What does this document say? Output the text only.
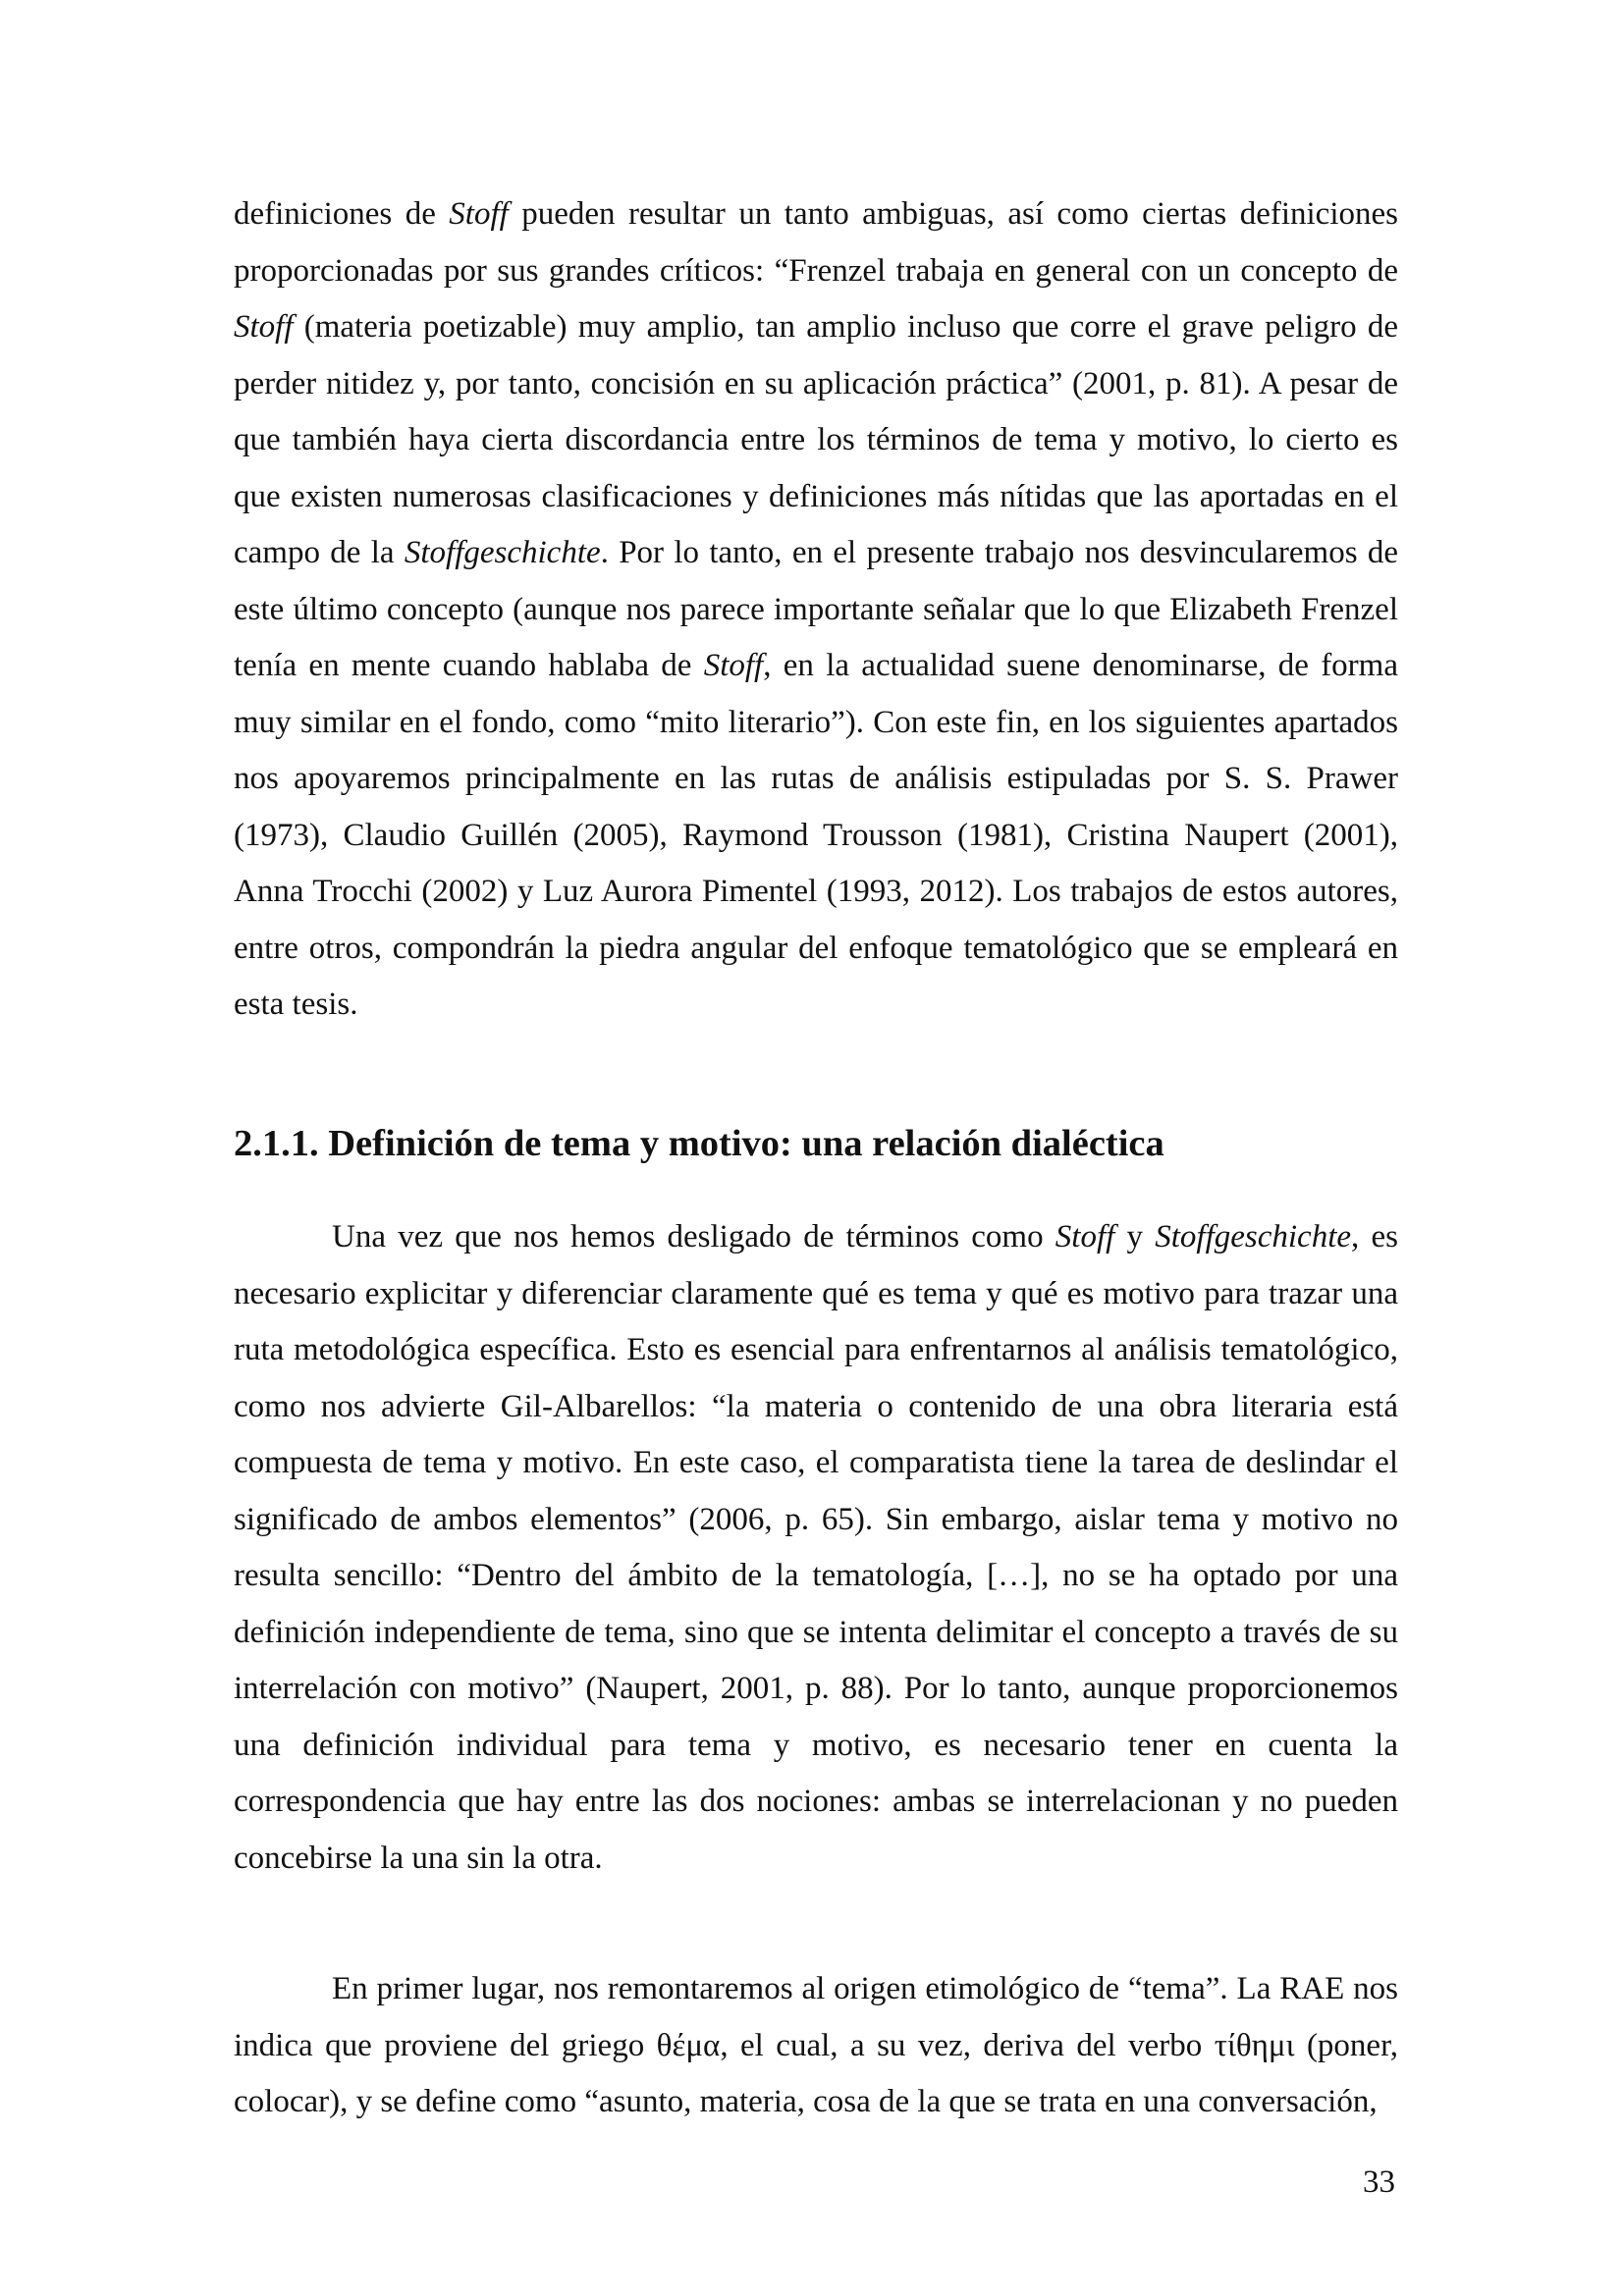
definiciones de Stoff pueden resultar un tanto ambiguas, así como ciertas definiciones proporcionadas por sus grandes críticos: “Frenzel trabaja en general con un concepto de Stoff (materia poetizable) muy amplio, tan amplio incluso que corre el grave peligro de perder nitidez y, por tanto, concisión en su aplicación práctica” (2001, p. 81). A pesar de que también haya cierta discordancia entre los términos de tema y motivo, lo cierto es que existen numerosas clasificaciones y definiciones más nítidas que las aportadas en el campo de la Stoffgeschichte. Por lo tanto, en el presente trabajo nos desvincularemos de este último concepto (aunque nos parece importante señalar que lo que Elizabeth Frenzel tenía en mente cuando hablaba de Stoff, en la actualidad suene denominarse, de forma muy similar en el fondo, como “mito literario”). Con este fin, en los siguientes apartados nos apoyaremos principalmente en las rutas de análisis estipuladas por S. S. Prawer (1973), Claudio Guillén (2005), Raymond Trousson (1981), Cristina Naupert (2001), Anna Trocchi (2002) y Luz Aurora Pimentel (1993, 2012). Los trabajos de estos autores, entre otros, compondrán la piedra angular del enfoque tematológico que se empleará en esta tesis.

2.1.1. Definición de tema y motivo: una relación dialéctica

Una vez que nos hemos desligado de términos como Stoff y Stoffgeschichte, es necesario explicitar y diferenciar claramente qué es tema y qué es motivo para trazar una ruta metodológica específica. Esto es esencial para enfrentarnos al análisis tematológico, como nos advierte Gil-Albarellos: “la materia o contenido de una obra literaria está compuesta de tema y motivo. En este caso, el comparatista tiene la tarea de deslindar el significado de ambos elementos” (2006, p. 65). Sin embargo, aislar tema y motivo no resulta sencillo: “Dentro del ámbito de la tematología, […], no se ha optado por una definición independiente de tema, sino que se intenta delimitar el concepto a través de su interrelación con motivo” (Naupert, 2001, p. 88). Por lo tanto, aunque proporcionemos una definición individual para tema y motivo, es necesario tener en cuenta la correspondencia que hay entre las dos nociones: ambas se interrelacionan y no pueden concebirse la una sin la otra.

En primer lugar, nos remontaremos al origen etimológico de “tema”. La RAE nos indica que proviene del griego θέμα, el cual, a su vez, deriva del verbo τίθημι (poner, colocar), y se define como “asunto, materia, cosa de la que se trata en una conversación,

33
